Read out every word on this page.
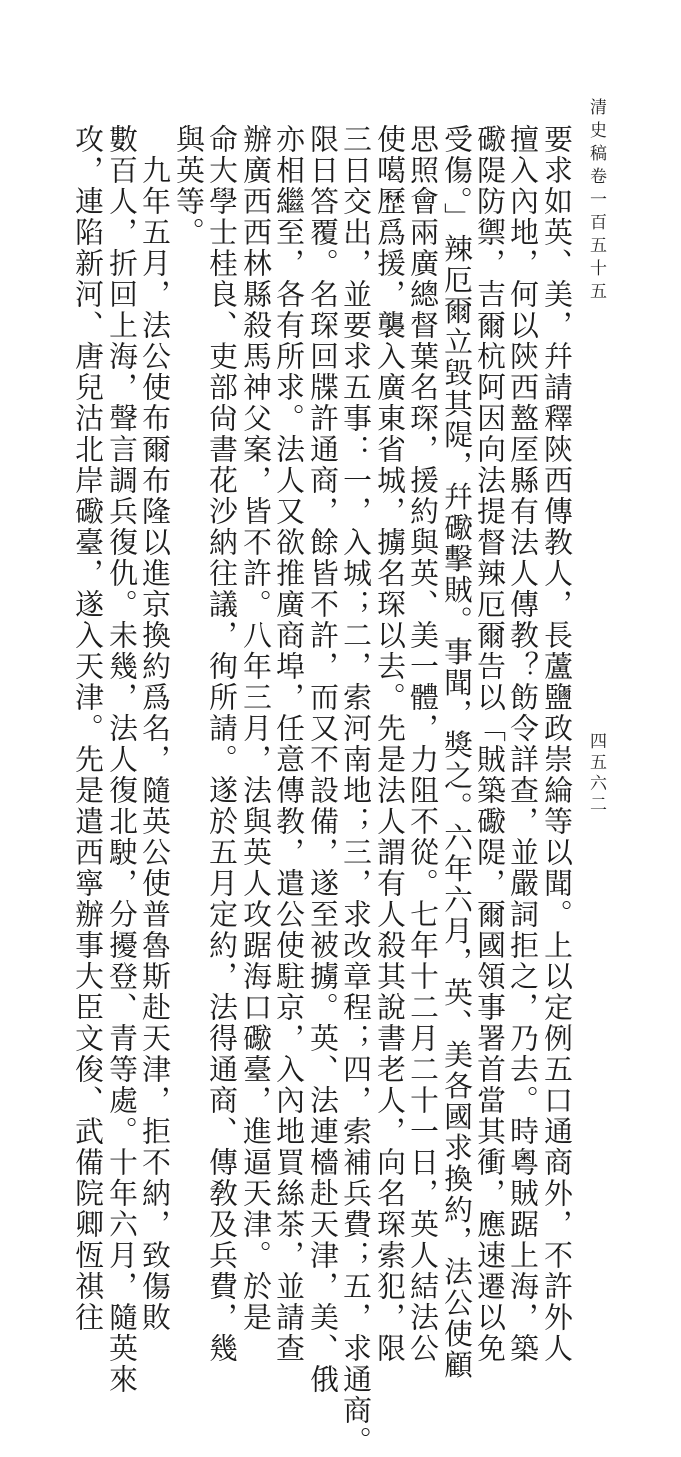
清史稿卷一百五十五
四五六二
要求如英、美，幷請釋陝西傳教人，長蘆鹽政崇綸等以聞。上以定例五口通商外，不許外人
擅入內地，何以陝西盩厔縣有法人傳教？飭令詳查，並嚴詞拒之，乃去。時粵賊踞上海，築
礮隄防禦，吉爾杭阿因向法提督辣厄爾告以「賊築礮隄，爾國領事署首當其衝，應速遷以免
受傷。」辣厄爾立毀其隄，幷礮擊賊。事聞，獎之。六年六月，英、美各國求換約，法公使顧
思照會兩廣總督葉名琛，援約與英、美一體，力阻不從。七年十二月二十一日，英人結法公
使噶歷爲援，襲入廣東省城，擄名琛以去。先是法人謂有人殺其說書老人，向名琛索犯，限
三日交出，並要求五事：一，入城；二，索河南地；三，求改章程；四，索補兵費；五，求通商。
限日答覆。名琛回牒許通商，餘皆不許，而又不設備，遂至被擄。英、法連檣赴天津，美、俄
亦相繼至，各有所求。法人又欲推廣商埠，任意傳教，遣公使駐京，入內地買絲茶，並請查
辦廣西西林縣殺馬神父案，皆不許。八年三月，法與英人攻踞海口礮臺，進逼天津。於是
命大學士桂良、吏部尙書花沙納往議，徇所請。遂於五月定約，法得通商、傳敎及兵費，幾
與英等。
　九年五月，法公使布爾布隆以進京換約爲名，隨英公使普魯斯赴天津，拒不納，致傷敗
數百人，折回上海，聲言調兵復仇。未幾，法人復北駛，分擾登、青等處。十年六月，隨英來
攻，連陷新河、唐兒沽北岸礮臺，遂入天津。先是遣西寧辦事大臣文俊、武備院卿恆祺往
